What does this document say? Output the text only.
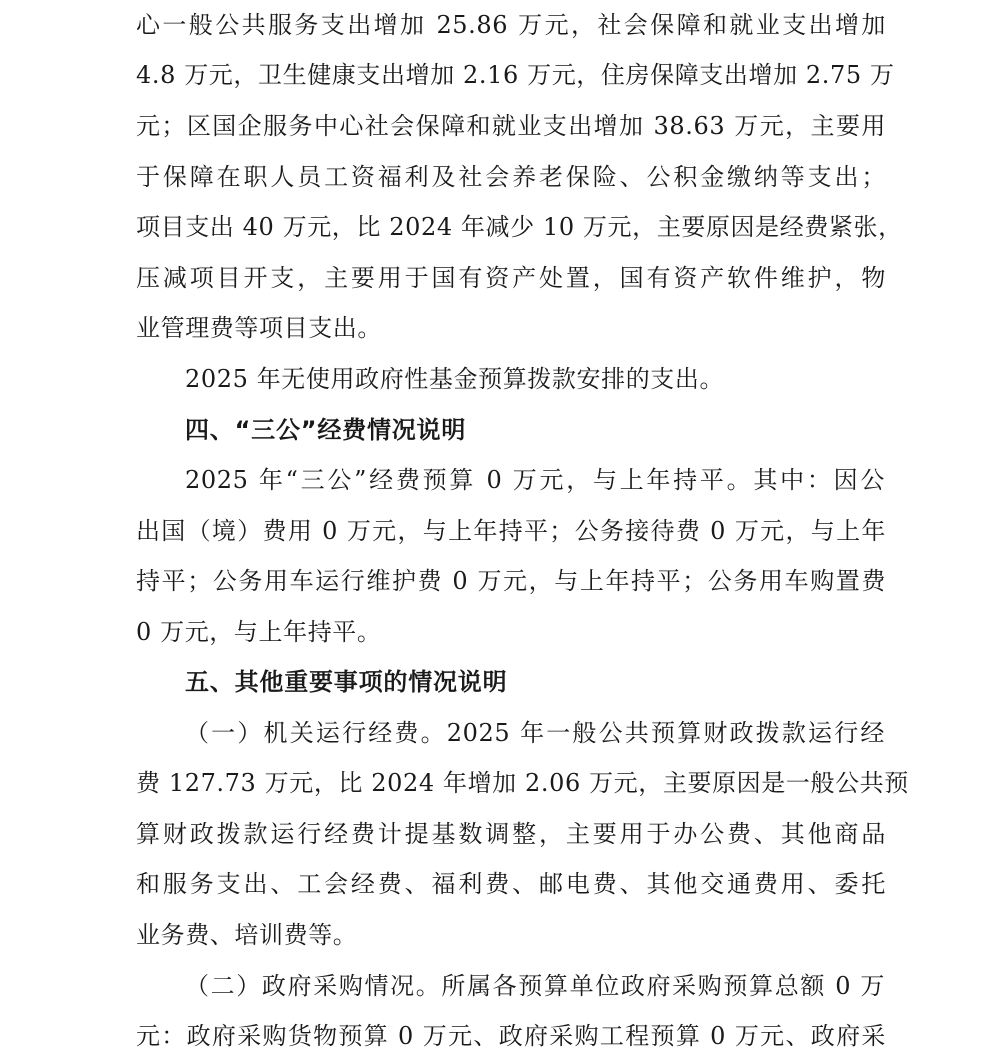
心一般公共服务支出增加 25.86 万元，社会保障和就业支出增加
4.8 万元，卫生健康支出增加 2.16 万元，住房保障支出增加 2.75 万
元；区国企服务中心社会保障和就业支出增加 38.63 万元，主要用
于保障在职人员工资福利及社会养老保险、公积金缴纳等支出；
项目支出 40 万元，比 2024 年减少 10 万元，主要原因是经费紧张，
压减项目开支，主要用于国有资产处置，国有资产软件维护，物
业管理费等项目支出。
2025 年无使用政府性基金预算拨款安排的支出。
四、“三公”经费情况说明
2025 年“三公”经费预算 0 万元，与上年持平。其中：因公
出国（境）费用 0 万元，与上年持平；公务接待费 0 万元，与上年
持平；公务用车运行维护费 0 万元，与上年持平；公务用车购置费
0 万元，与上年持平。
五、其他重要事项的情况说明
（一）机关运行经费。2025 年一般公共预算财政拨款运行经
费 127.73 万元，比 2024 年增加 2.06 万元，主要原因是一般公共预
算财政拨款运行经费计提基数调整，主要用于办公费、其他商品
和服务支出、工会经费、福利费、邮电费、其他交通费用、委托
业务费、培训费等。
（二）政府采购情况。所属各预算单位政府采购预算总额 0 万
元：政府采购货物预算 0 万元、政府采购工程预算 0 万元、政府采
